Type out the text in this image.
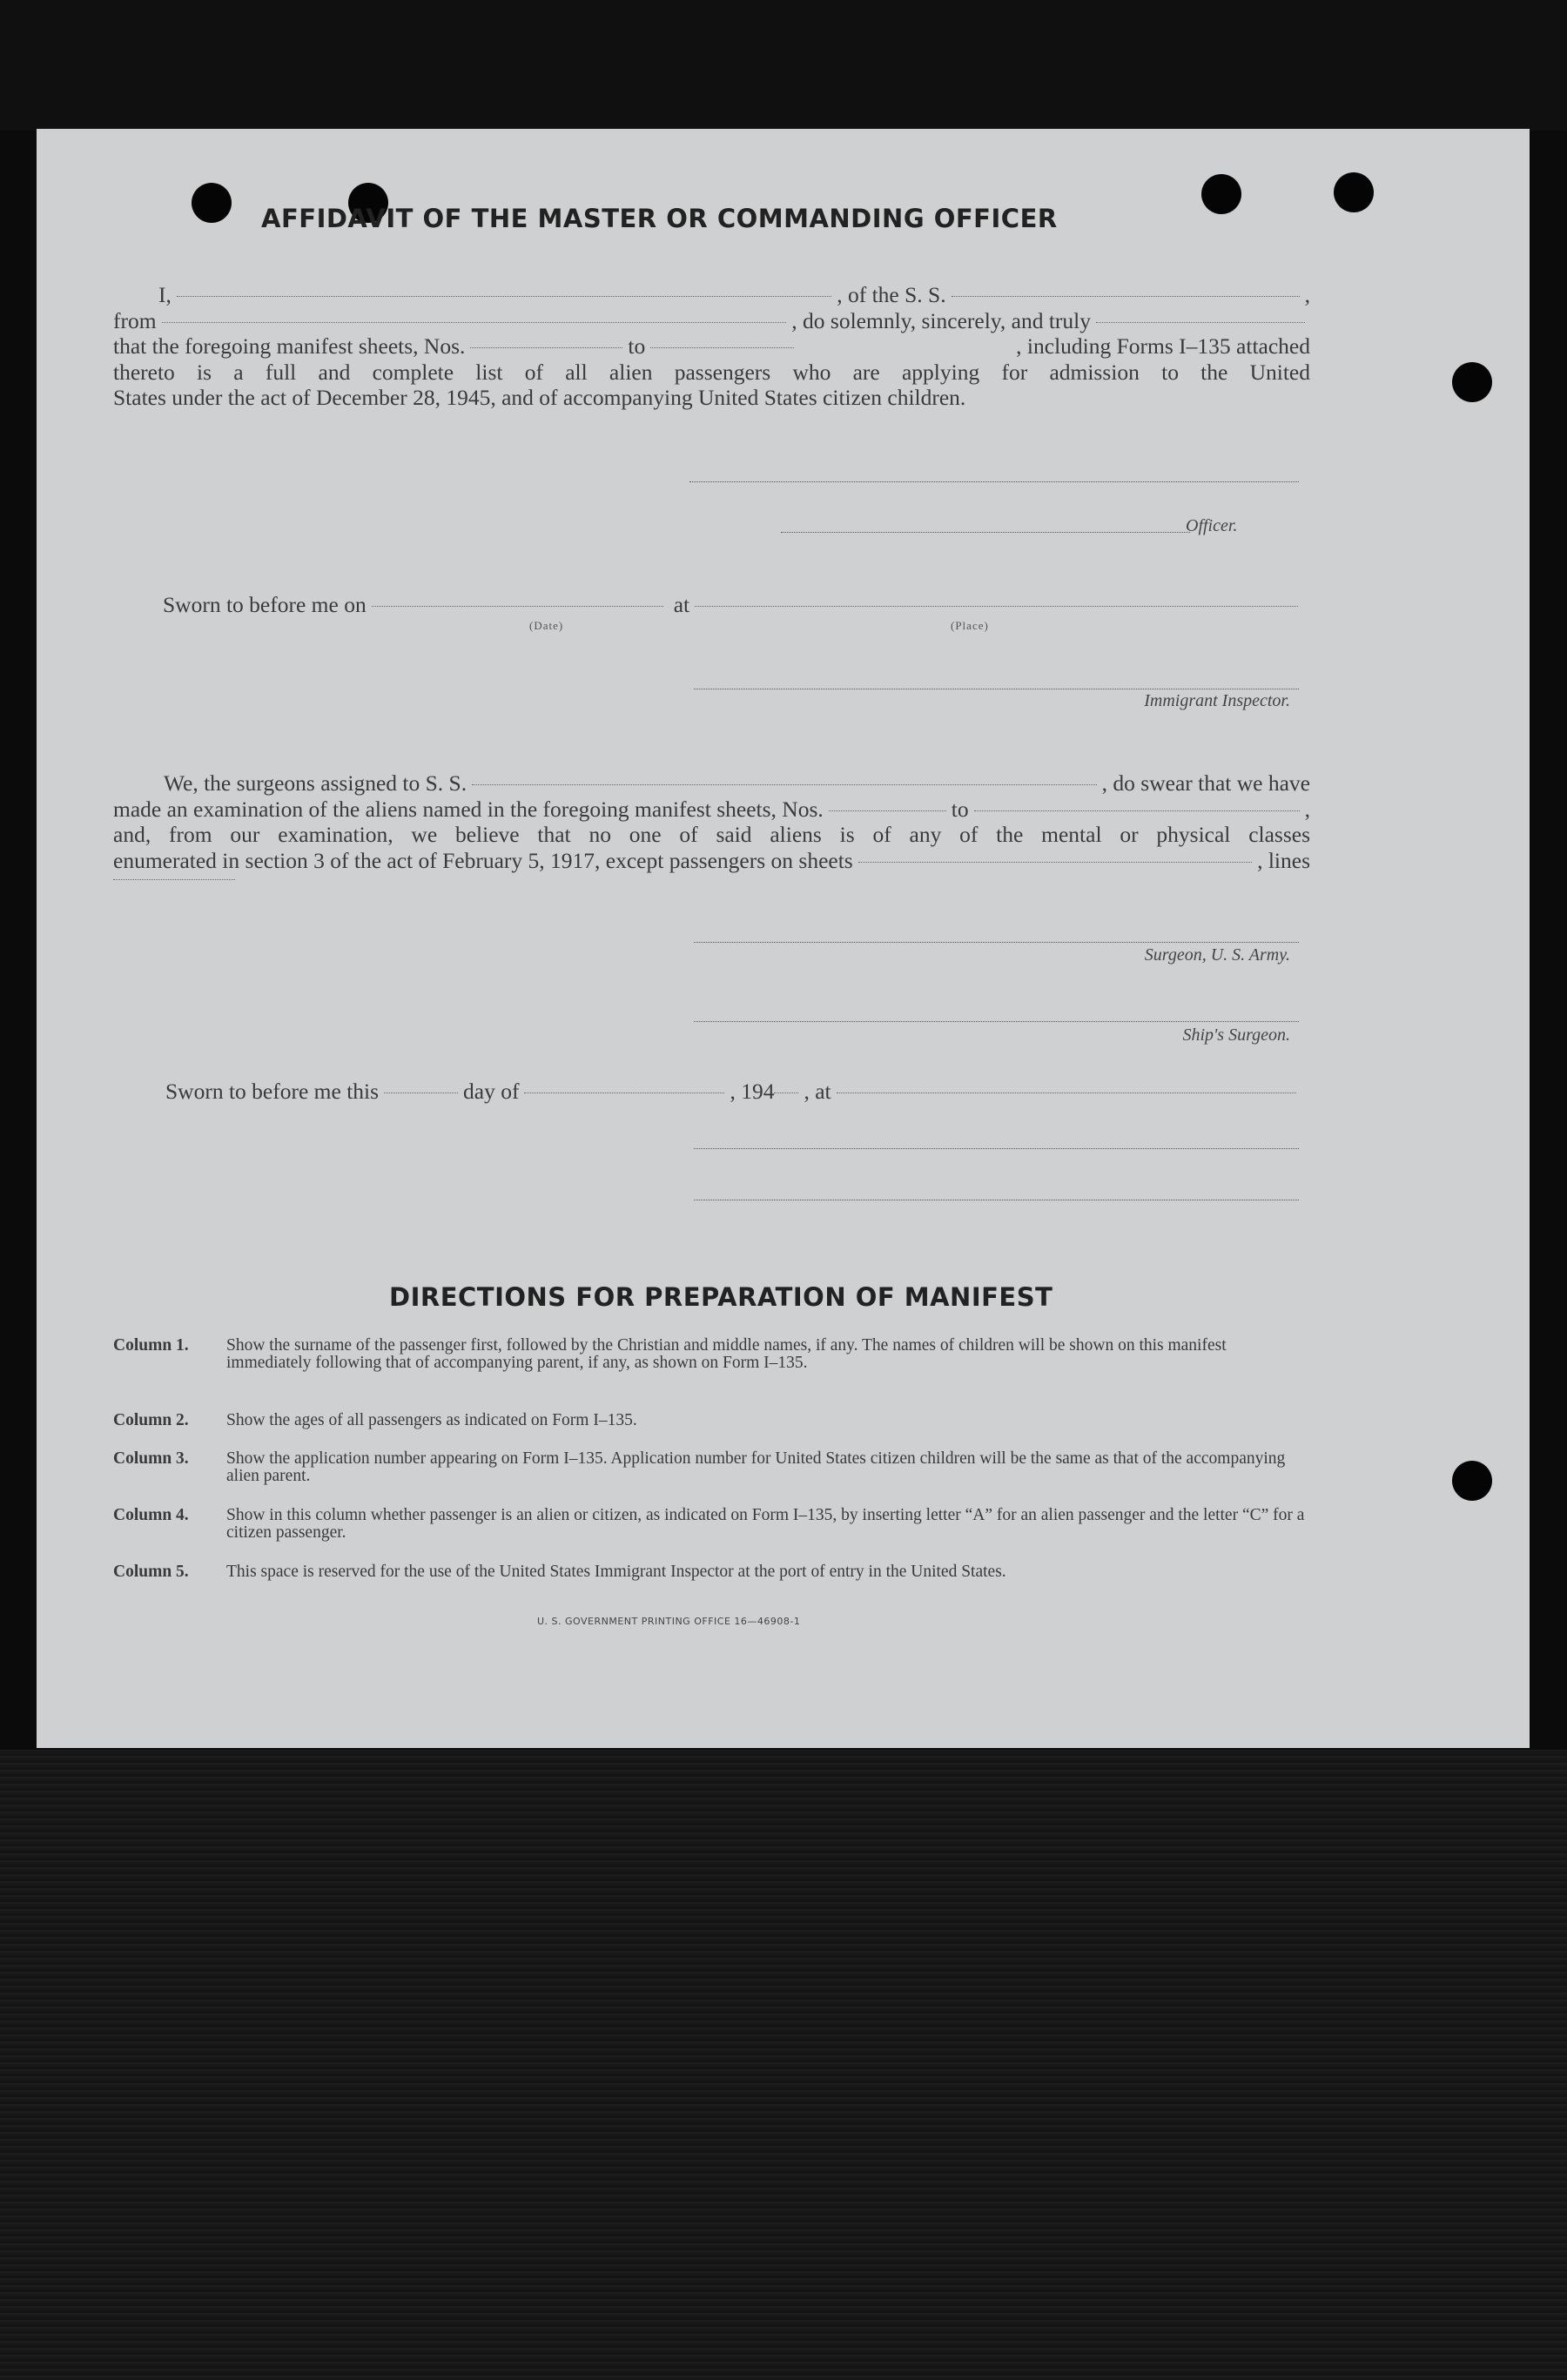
AFFIDAVIT OF THE MASTER OR COMMANDING OFFICER
I,	, of the S. S.	,
from	, do solemnly, sincerely, and truly
that the foregoing manifest sheets, Nos.	to	, including Forms I–135 attached
thereto is a full and complete list of all alien passengers who are applying for admission to the United
States under the act of December 28, 1945, and of accompanying United States citizen children.
Officer.
Sworn to before me on	at
(Date)	(Place)
Immigrant Inspector.
We, the surgeons assigned to S. S.	, do swear that we have
made an examination of the aliens named in the foregoing manifest sheets, Nos.	to	,
and, from our examination, we believe that no one of said aliens is of any of the mental or physical classes
enumerated in section 3 of the act of February 5, 1917, except passengers on sheets	, lines
Surgeon, U. S. Army.
Ship's Surgeon.
Sworn to before me this	day of	, 194 , at
DIRECTIONS FOR PREPARATION OF MANIFEST
Column 1.	Show the surname of the passenger first, followed by the Christian and middle names, if any. The names of children will be shown on this manifest immediately following that of accompanying parent, if any, as shown on Form I–135.
Column 2.	Show the ages of all passengers as indicated on Form I–135.
Column 3.	Show the application number appearing on Form I–135. Application number for United States citizen children will be the same as that of the accompanying alien parent.
Column 4.	Show in this column whether passenger is an alien or citizen, as indicated on Form I–135, by inserting letter “A” for an alien passenger and the letter “C” for a citizen passenger.
Column 5.	This space is reserved for the use of the United States Immigrant Inspector at the port of entry in the United States.
U. S. GOVERNMENT PRINTING OFFICE 16—46908-1
